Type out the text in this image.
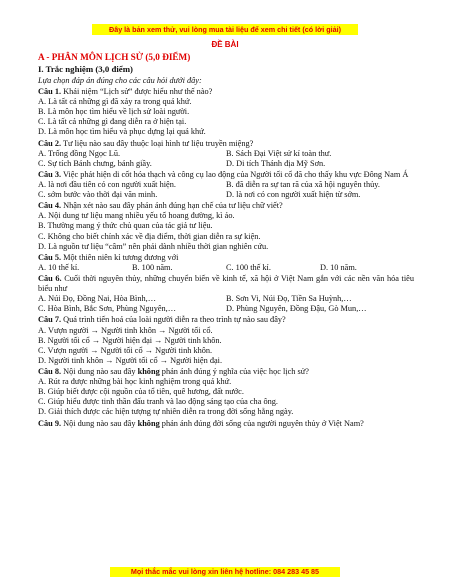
Đây là bản xem thử, vui lòng mua tài liệu để xem chi tiết (có lời giải)
ĐỀ BÀI
A - PHÂN MÔN LỊCH SỬ (5,0 ĐIỂM)
I. Trắc nghiệm (3,0 điểm)
Lựa chọn đáp án đúng cho các câu hỏi dưới đây:
Câu 1. Khái niệm “Lịch sử” được hiểu như thế nào?
A. Là tất cả những gì đã xảy ra trong quá khứ.
B. Là môn học tìm hiểu về lịch sử loài người.
C. Là tất cả những gì đang diễn ra ở hiện tại.
D. Là môn học tìm hiểu và phục dựng lại quá khứ.
Câu 2. Tư liệu nào sau đây thuộc loại hình tư liệu truyền miệng?
A. Trống đồng Ngọc Lũ.	B. Sách Đại Việt sử kí toàn thư.
C. Sự tích Bánh chưng, bánh giầy.	D. Di tích Thánh địa Mỹ Sơn.
Câu 3. Việc phát hiện di cốt hóa thạch và công cụ lao động của Người tối cổ đã cho thấy khu vực Đông Nam Á
A. là nơi đầu tiên có con người xuất hiện.	B. đã diễn ra sự tan rã của xã hội nguyên thủy.
C. sớm bước vào thời đại văn minh.	D. là nơi có con người xuất hiện từ sớm.
Câu 4. Nhận xét nào sau đây phản ánh đúng hạn chế của tư liệu chữ viết?
A. Nội dung tư liệu mang nhiều yếu tố hoang đường, kì ảo.
B. Thường mang ý thức chủ quan của tác giả tư liệu.
C. Không cho biết chính xác về địa điểm, thời gian diễn ra sự kiện.
D. Là nguồn tư liệu “câm” nên phải dành nhiều thời gian nghiên cứu.
Câu 5. Một thiên niên kỉ tương đương với
A. 10 thế kỉ.	B. 100 năm.	C. 100 thế kỉ.	D. 10 năm.
Câu 6. Cuối thời nguyên thủy, những chuyển biến về kinh tế, xã hội ở Việt Nam gắn với các nền văn hóa tiêu biểu như
A. Núi Đọ, Đồng Nai, Hòa Bình,…	B. Sơn Vi, Núi Đọ, Tiền Sa Huỳnh,…
C. Hòa Bình, Bắc Sơn, Phùng Nguyên,…	D. Phùng Nguyên, Đồng Đậu, Gò Mun,…
Câu 7. Quá trình tiến hoá của loài người diễn ra theo trình tự nào sau đây?
A. Vượn người → Người tinh khôn → Người tối cổ.
B. Người tối cổ → Người hiện đại → Người tinh khôn.
C. Vượn người → Người tối cổ → Người tinh khôn.
D. Người tinh khôn → Người tối cổ → Người hiện đại.
Câu 8. Nội dung nào sau đây không phản ánh đúng ý nghĩa của việc học lịch sử?
A. Rút ra được những bài học kinh nghiệm trong quá khứ.
B. Giúp biết được cội nguồn của tổ tiên, quê hương, đất nước.
C. Giúp hiểu được tinh thần đấu tranh và lao động sáng tạo của cha ông.
D. Giải thích được các hiện tượng tự nhiên diễn ra trong đời sống hằng ngày.
Câu 9. Nội dung nào sau đây không phản ánh đúng đời sống của người nguyên thủy ở Việt Nam?
Mọi thắc mắc vui lòng xin liên hệ hotline: 084 283 45 85
